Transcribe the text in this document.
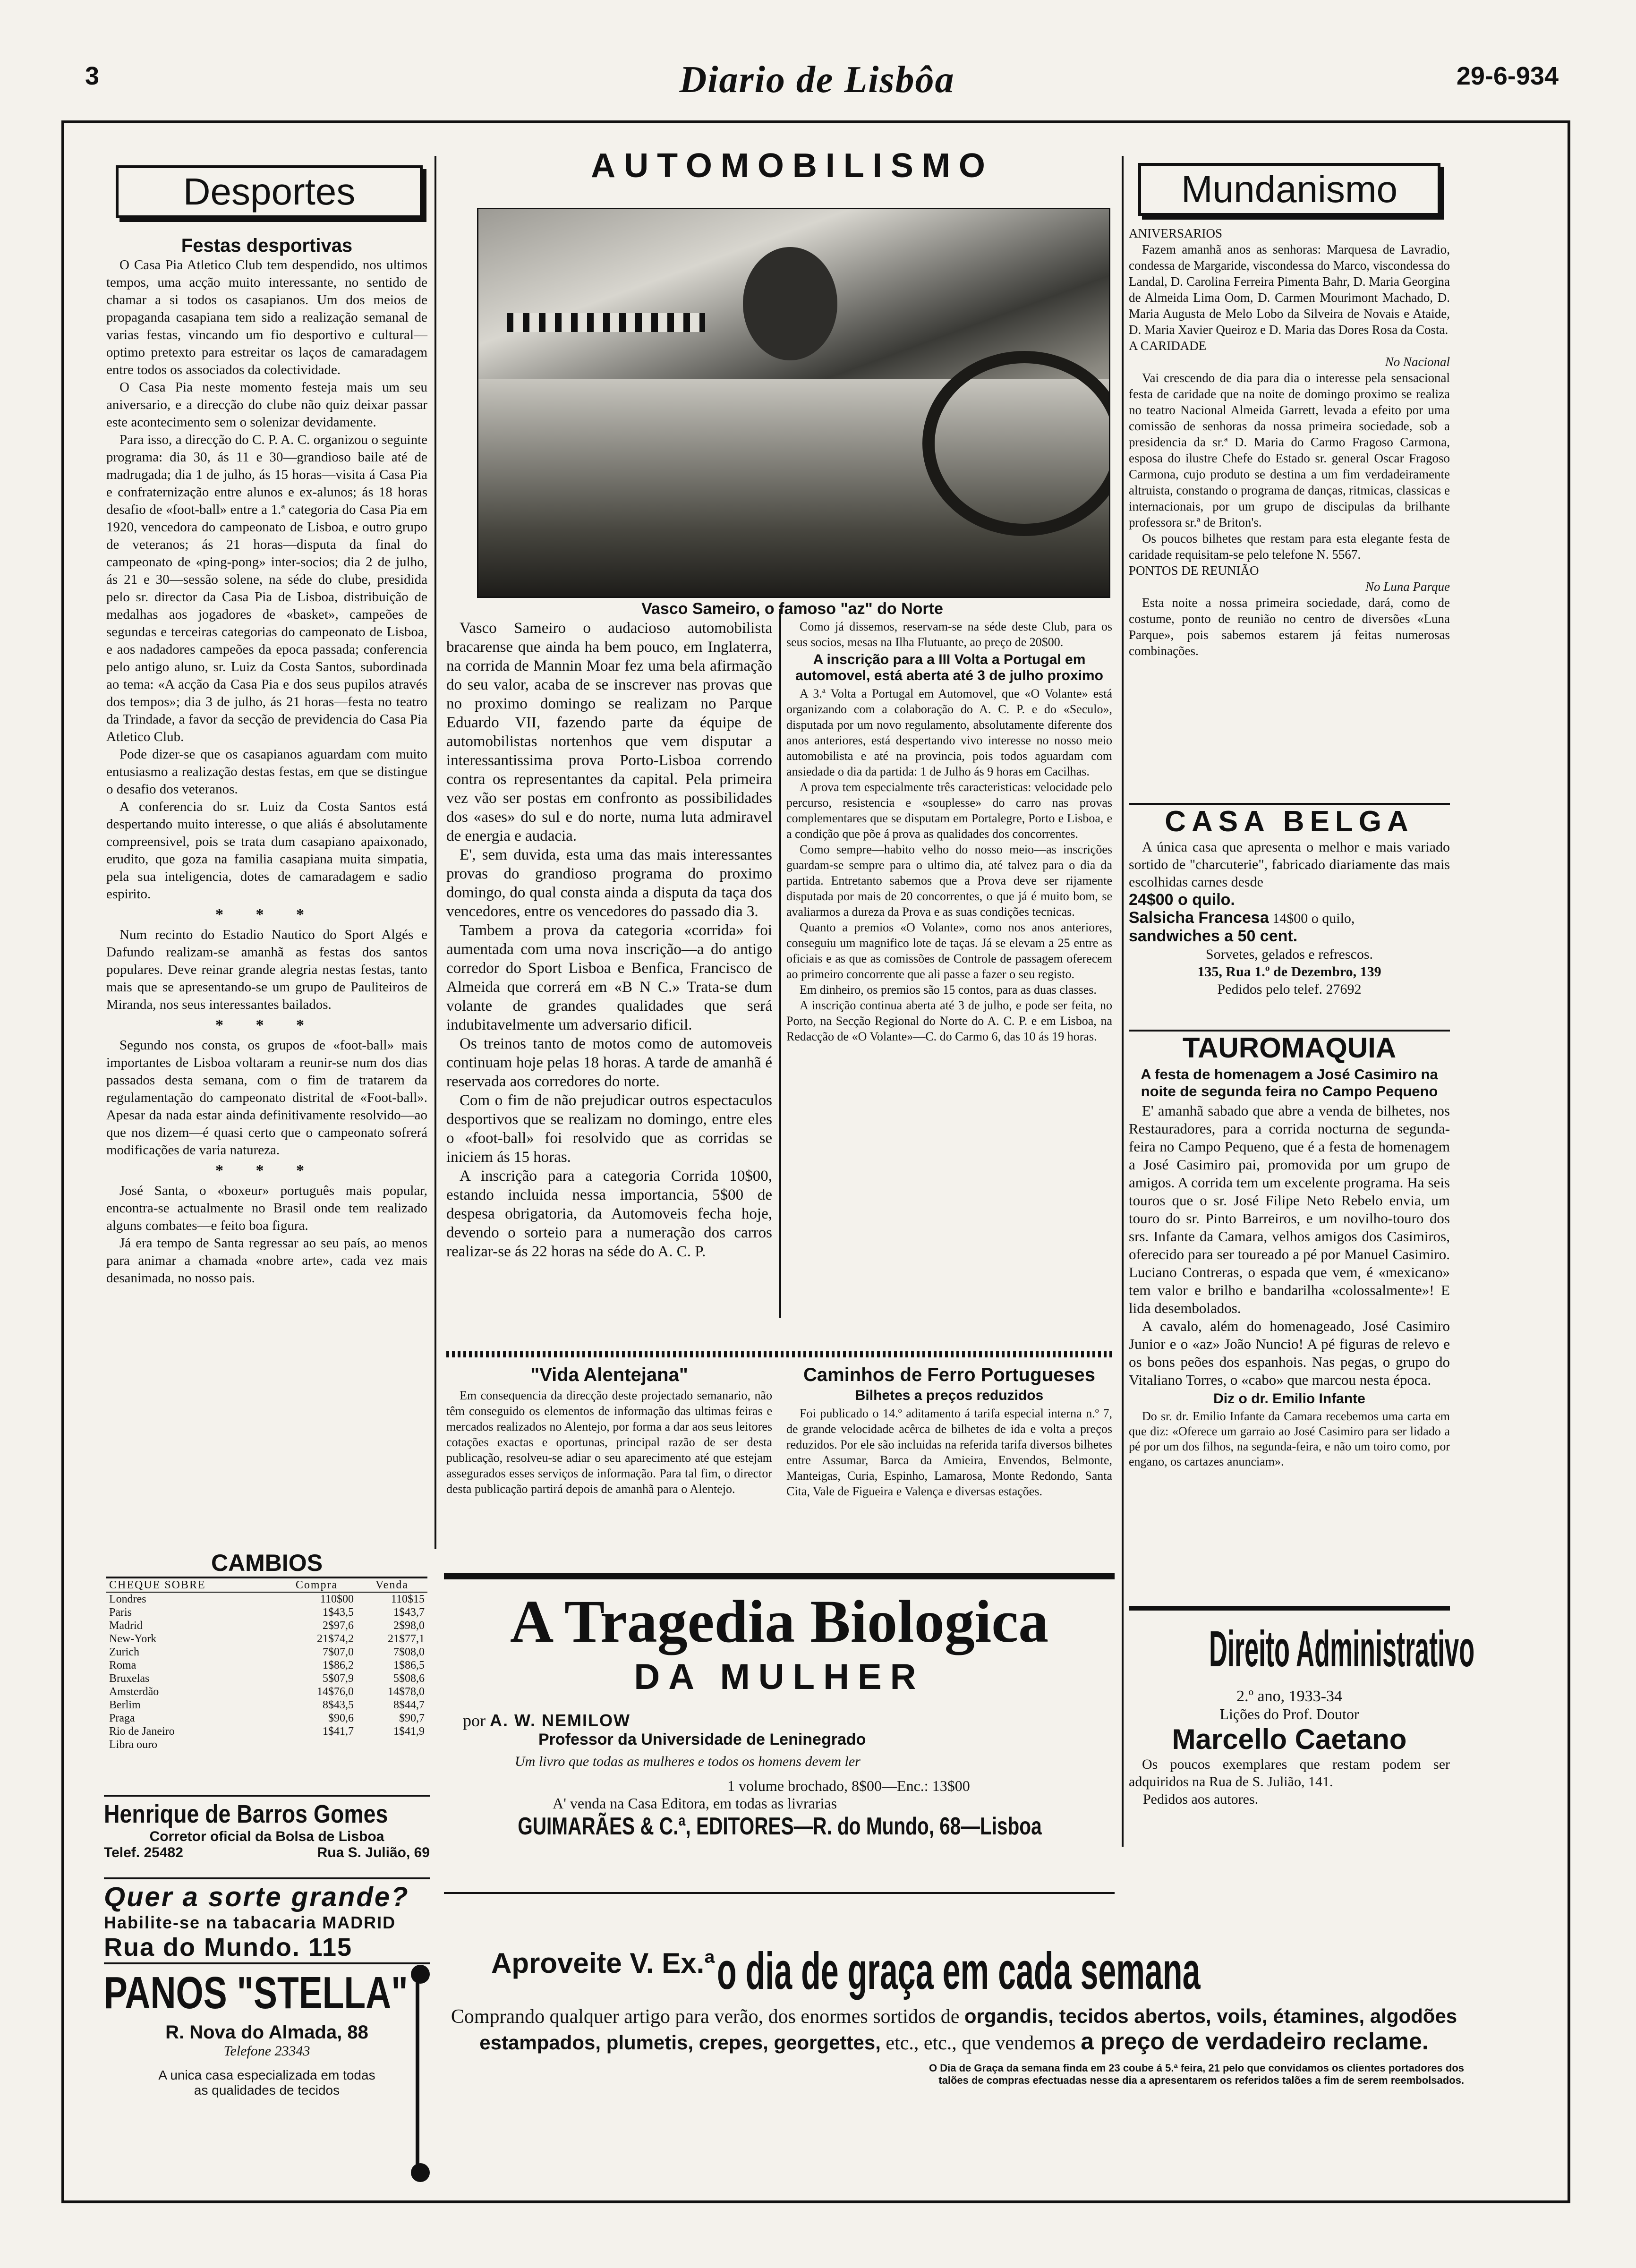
3	Diario de Lisbôa	29-6-934
Desportes
Festas desportivas

O Casa Pia Atletico Club tem despendido, nos ultimos tempos, uma acção muito interessante, no sentido de chamar a si todos os casapianos. Um dos meios de propaganda casapiana tem sido a realização semanal de varias festas, vincando um fio desportivo e cultural—optimo pretexto para estreitar os laços de camaradagem entre todos os associados da colectividade.

O Casa Pia neste momento festeja mais um seu aniversario, e a direcção do clube não quiz deixar passar este acontecimento sem o solenizar devidamente.

Para isso, a direcção do C. P. A. C. organizou o seguinte programa: dia 30, ás 11 e 30—grandioso baile até de madrugada; dia 1 de julho, ás 15 horas—visita á Casa Pia e confraternização entre alunos e ex-alunos; ás 18 horas desafio de «foot-ball» entre a 1.ª categoria do Casa Pia em 1920, vencedora do campeonato de Lisboa, e outro grupo de veteranos; ás 21 horas—disputa da final do campeonato de «ping-pong» inter-socios; dia 2 de julho, ás 21 e 30—sessão solene, na séde do clube, presidida pelo sr. director da Casa Pia de Lisboa, distribuição de medalhas aos jogadores de «basket», campeões de segundas e terceiras categorias do campeonato de Lisboa, e aos nadadores campeões da epoca passada; conferencia pelo antigo aluno, sr. Luiz da Costa Santos, subordinada ao tema: «A acção da Casa Pia e dos seus pupilos através dos tempos»; dia 3 de julho, ás 21 horas—festa no teatro da Trindade, a favor da secção de previdencia do Casa Pia Atletico Club.

Pode dizer-se que os casapianos aguardam com muito entusiasmo a realização destas festas, em que se distingue o desafio dos veteranos.

A conferencia do sr. Luiz da Costa Santos está despertando muito interesse, o que aliás é absolutamente compreensivel, pois se trata dum casapiano apaixonado, erudito, que goza na familia casapiana muita simpatia, pela sua inteligencia, dotes de camaradagem e sadio espirito.

* * *

Num recinto do Estadio Nautico do Sport Algés e Dafundo realizam-se amanhã as festas dos santos populares. Deve reinar grande alegria nestas festas, tanto mais que se apresentando-se um grupo de Pauliteiros de Miranda, nos seus interessantes bailados.

* * *

Segundo nos consta, os grupos de «foot-ball» mais importantes de Lisboa voltaram a reunir-se num dos dias passados desta semana, com o fim de tratarem da regulamentação do campeonato distrital de «Foot-ball». Apesar da nada estar ainda definitivamente resolvido—ao que nos dizem—é quasi certo que o campeonato sofrerá modificações de varia natureza.

* * *

José Santa, o «boxeur» português mais popular, encontra-se actualmente no Brasil onde tem realizado alguns combates—e feito boa figura.

Já era tempo de Santa regressar ao seu país, ao menos para animar a chamada «nobre arte», cada vez mais desanimada, no nosso pais.

CAMBIOS
CHEQUE SOBRE	Compra	Venda
Londres	110$00	110$15
Paris	1$43,5	1$43,7
Madrid	2$97,6	2$98,0
New-York	21$74,2	21$77,1
Zurich	7$07,0	7$08,0
Roma	1$86,2	1$86,5
Bruxelas	5$07,9	5$08,6
Amsterdão	14$76,0	14$78,0
Berlim	8$43,5	8$44,7
Praga	$90,6	$90,7
Rio de Janeiro	1$41,7	1$41,9
Libra ouro		
Henrique de Barros Gomes
Corretor oficial da Bolsa de Lisboa
Telef. 25482	Rua S. Julião, 69
Quer a sorte grande?
Habilite-se na tabacaria MADRID
Rua do Mundo. 115
PANOS "STELLA"
R. Nova do Almada, 88
Telefone 23343
A unica casa especializada em todas
as qualidades de tecidos
AUTOMOBILISMO
Vasco Sameiro, o famoso "az" do Norte

Vasco Sameiro o audacioso automobilista bracarense que ainda ha bem pouco, em Inglaterra, na corrida de Mannin Moar fez uma bela afirmação do seu valor, acaba de se inscrever nas provas que no proximo domingo se realizam no Parque Eduardo VII, fazendo parte da équipe de automobilistas nortenhos que vem disputar a interessantissima prova Porto-Lisboa correndo contra os representantes da capital. Pela primeira vez vão ser postas em confronto as possibilidades dos «ases» do sul e do norte, numa luta admiravel de energia e audacia.

E', sem duvida, esta uma das mais interessantes provas do grandioso programa do proximo domingo, do qual consta ainda a disputa da taça dos vencedores, entre os vencedores do passado dia 3.

Tambem a prova da categoria «corrida» foi aumentada com uma nova inscrição—a do antigo corredor do Sport Lisboa e Benfica, Francisco de Almeida que correrá em «B N C.» Trata-se dum volante de grandes qualidades que será indubitavelmente um adversario dificil.

Os treinos tanto de motos como de automoveis continuam hoje pelas 18 horas. A tarde de amanhã é reservada aos corredores do norte.

Com o fim de não prejudicar outros espectaculos desportivos que se realizam no domingo, entre eles o «foot-ball» foi resolvido que as corridas se iniciem ás 15 horas.

A inscrição para a categoria Corrida 10$00, estando incluida nessa importancia, 5$00 de despesa obrigatoria, da Automoveis fecha hoje, devendo o sorteio para a numeração dos carros realizar-se ás 22 horas na séde do A. C. P.

Como já dissemos, reservam-se na séde deste Club, para os seus socios, mesas na Ilha Flutuante, ao preço de 20$00.

A inscrição para a III Volta a Portugal em automovel, está aberta até 3 de julho proximo

A 3.ª Volta a Portugal em Automovel, que «O Volante» está organizando com a colaboração do A. C. P. e do «Seculo», disputada por um novo regulamento, absolutamente diferente dos anos anteriores, está despertando vivo interesse no nosso meio automobilista e até na provincia, pois todos aguardam com ansiedade o dia da partida: 1 de Julho ás 9 horas em Cacilhas.

A prova tem especialmente três caracteristicas: velocidade pelo percurso, resistencia e «souplesse» do carro nas provas complementares que se disputam em Portalegre, Porto e Lisboa, e a condição que põe á prova as qualidades dos concorrentes.

Como sempre—habito velho do nosso meio—as inscrições guardam-se sempre para o ultimo dia, até talvez para o dia da partida. Entretanto sabemos que a Prova deve ser rijamente disputada por mais de 20 concorrentes, o que já é muito bom, se avaliarmos a dureza da Prova e as suas condições tecnicas.

Quanto a premios «O Volante», como nos anos anteriores, conseguiu um magnifico lote de taças. Já se elevam a 25 entre as oficiais e as que as comissões de Controle de passagem oferecem ao primeiro concorrente que ali passe a fazer o seu registo.

Em dinheiro, os premios são 15 contos, para as duas classes.

A inscrição continua aberta até 3 de julho, e pode ser feita, no Porto, na Secção Regional do Norte do A. C. P. e em Lisboa, na Redacção de «O Volante»—C. do Carmo 6, das 10 ás 19 horas.

"Vida Alentejana"

Em consequencia da direcção deste projectado semanario, não têm conseguido os elementos de informação das ultimas feiras e mercados realizados no Alentejo, por forma a dar aos seus leitores cotações exactas e oportunas, principal razão de ser desta publicação, resolveu-se adiar o seu aparecimento até que estejam assegurados esses serviços de informação. Para tal fim, o director desta publicação partirá depois de amanhã para o Alentejo.

Caminhos de Ferro Portugueses
Bilhetes a preços reduzidos

Foi publicado o 14.º aditamento á tarifa especial interna n.º 7, de grande velocidade acêrca de bilhetes de ida e volta a preços reduzidos. Por ele são incluidas na referida tarifa diversos bilhetes entre Assumar, Barca da Amieira, Envendos, Belmonte, Manteigas, Curia, Espinho, Lamarosa, Monte Redondo, Santa Cita, Vale de Figueira e Valença e diversas estações.

A Tragedia Biologica
DA MULHER
por A. W. NEMILOW
Professor da Universidade de Leninegrado
Um livro que todas as mulheres e todos os homens devem ler
1 volume brochado, 8$00—Enc.: 13$00
A' venda na Casa Editora, em todas as livrarias
GUIMARÃES & C.ª, EDITORES—R. do Mundo, 68—Lisboa
Mundanismo
ANIVERSARIOS

Fazem amanhã anos as senhoras: Marquesa de Lavradio, condessa de Margaride, viscondessa do Marco, viscondessa do Landal, D. Carolina Ferreira Pimenta Bahr, D. Maria Georgina de Almeida Lima Oom, D. Carmen Mourimont Machado, D. Maria Augusta de Melo Lobo da Silveira de Novais e Ataide, D. Maria Xavier Queiroz e D. Maria das Dores Rosa da Costa.

A CARIDADE
No Nacional

Vai crescendo de dia para dia o interesse pela sensacional festa de caridade que na noite de domingo proximo se realiza no teatro Nacional Almeida Garrett, levada a efeito por uma comissão de senhoras da nossa primeira sociedade, sob a presidencia da sr.ª D. Maria do Carmo Fragoso Carmona, esposa do ilustre Chefe do Estado sr. general Oscar Fragoso Carmona, cujo produto se destina a um fim verdadeiramente altruista, constando o programa de danças, ritmicas, classicas e internacionais, por um grupo de discipulas da brilhante professora sr.ª de Briton's.

Os poucos bilhetes que restam para esta elegante festa de caridade requisitam-se pelo telefone N. 5567.

PONTOS DE REUNIÃO
No Luna Parque

Esta noite a nossa primeira sociedade, dará, como de costume, ponto de reunião no centro de diversões «Luna Parque», pois sabemos estarem já feitas numerosas combinações.

CASA BELGA

A única casa que apresenta o melhor e mais variado sortido de "charcuterie", fabricado diariamente das mais escolhidas carnes desde

24$00 o quilo.
Salsicha Francesa 14$00 o quilo,
sandwiches a 50 cent.
Sorvetes, gelados e refrescos.
135, Rua 1.º de Dezembro, 139
Pedidos pelo telef. 27692
TAUROMAQUIA
A festa de homenagem a José Casimiro na noite de segunda feira no Campo Pequeno

E' amanhã sabado que abre a venda de bilhetes, nos Restauradores, para a corrida nocturna de segunda-feira no Campo Pequeno, que é a festa de homenagem a José Casimiro pai, promovida por um grupo de amigos. A corrida tem um excelente programa. Ha seis touros que o sr. José Filipe Neto Rebelo envia, um touro do sr. Pinto Barreiros, e um novilho-touro dos srs. Infante da Camara, velhos amigos dos Casimiros, oferecido para ser toureado a pé por Manuel Casimiro. Luciano Contreras, o espada que vem, é «mexicano» tem valor e brilho e bandarilha «colossalmente»! E lida desembolados.

A cavalo, além do homenageado, José Casimiro Junior e o «az» João Nuncio! A pé figuras de relevo e os bons peões dos espanhois. Nas pegas, o grupo do Vitaliano Torres, o «cabo» que marcou nesta época.

Diz o dr. Emilio Infante

Do sr. dr. Emilio Infante da Camara recebemos uma carta em que diz: «Oferece um garraio ao José Casimiro para ser lidado a pé por um dos filhos, na segunda-feira, e não um toiro como, por engano, os cartazes anunciam».

Direito Administrativo
2.º ano, 1933-34
Lições do Prof. Doutor
Marcello Caetano

Os poucos exemplares que restam podem ser adquiridos na Rua de S. Julião, 141.

Pedidos aos autores.
Aproveite V. Ex.ª o dia de graça em cada semana
Comprando qualquer artigo para verão, dos enormes sortidos de organdis, tecidos abertos, voils, étamines, algodões estampados, plumetis, crepes, georgettes, etc., etc., que vendemos a preço de verdadeiro reclame.
O Dia de Graça da semana finda em 23 coube á 5.ª feira, 21 pelo que convidamos os clientes portadores dos
talões de compras efectuadas nesse dia a apresentarem os referidos talões a fim de serem reembolsados.
